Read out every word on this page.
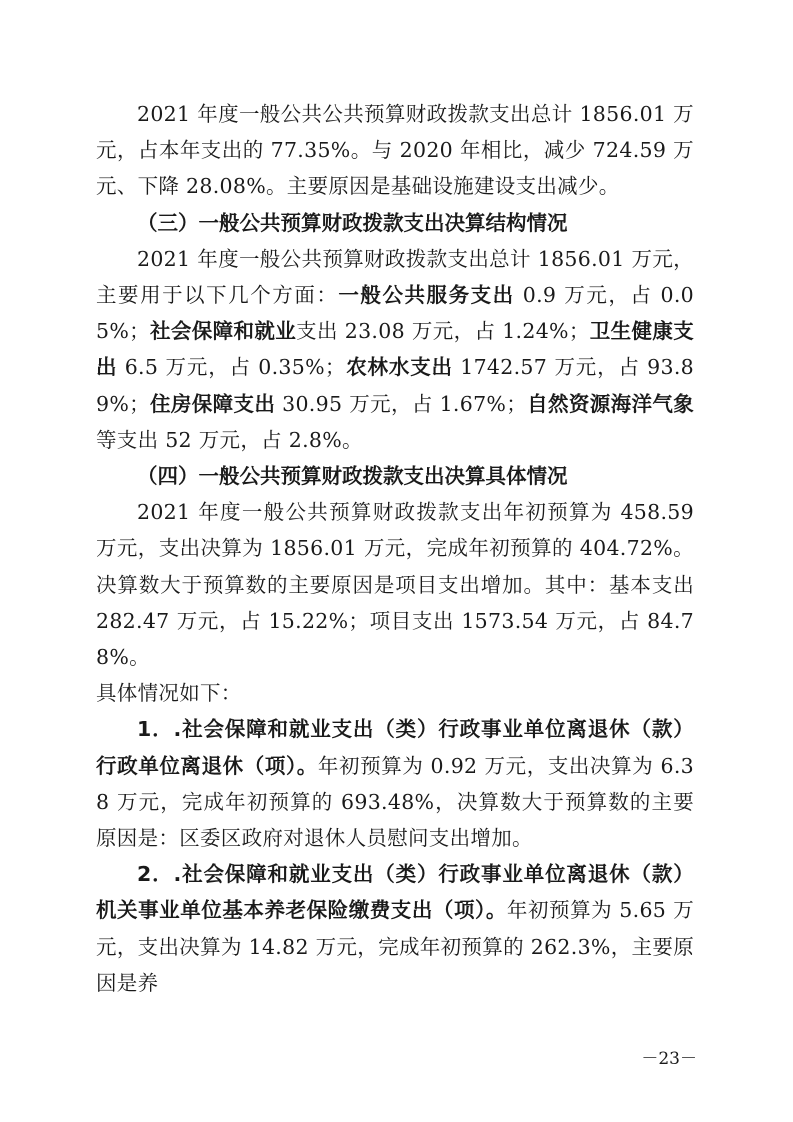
2021 年度一般公共公共预算财政拨款支出总计 1856.01 万元，占本年支出的 77.35%。与 2020 年相比，减少 724.59 万元、下降 28.08%。主要原因是基础设施建设支出减少。

（三）一般公共预算财政拨款支出决算结构情况

2021 年度一般公共预算财政拨款支出总计 1856.01 万元，主要用于以下几个方面：一般公共服务支出 0.9 万元，占 0.05%；社会保障和就业支出 23.08 万元，占 1.24%；卫生健康支出 6.5 万元，占 0.35%；农林水支出 1742.57 万元，占 93.89%；住房保障支出 30.95 万元，占 1.67%；自然资源海洋气象等支出 52 万元，占 2.8%。

（四）一般公共预算财政拨款支出决算具体情况

2021 年度一般公共预算财政拨款支出年初预算为 458.59 万元，支出决算为 1856.01 万元，完成年初预算的 404.72%。决算数大于预算数的主要原因是项目支出增加。其中：基本支出 282.47 万元，占 15.22%；项目支出 1573.54 万元，占 84.78%。

具体情况如下：

1．.社会保障和就业支出（类）行政事业单位离退休（款）行政单位离退休（项）。年初预算为 0.92 万元，支出决算为 6.38 万元，完成年初预算的 693.48%，决算数大于预算数的主要原因是：区委区政府对退休人员慰问支出增加。

2．.社会保障和就业支出（类）行政事业单位离退休（款） 机关事业单位基本养老保险缴费支出（项）。年初预算为 5.65 万元，支出决算为 14.82 万元，完成年初预算的 262.3%，主要原因是养

－23－
